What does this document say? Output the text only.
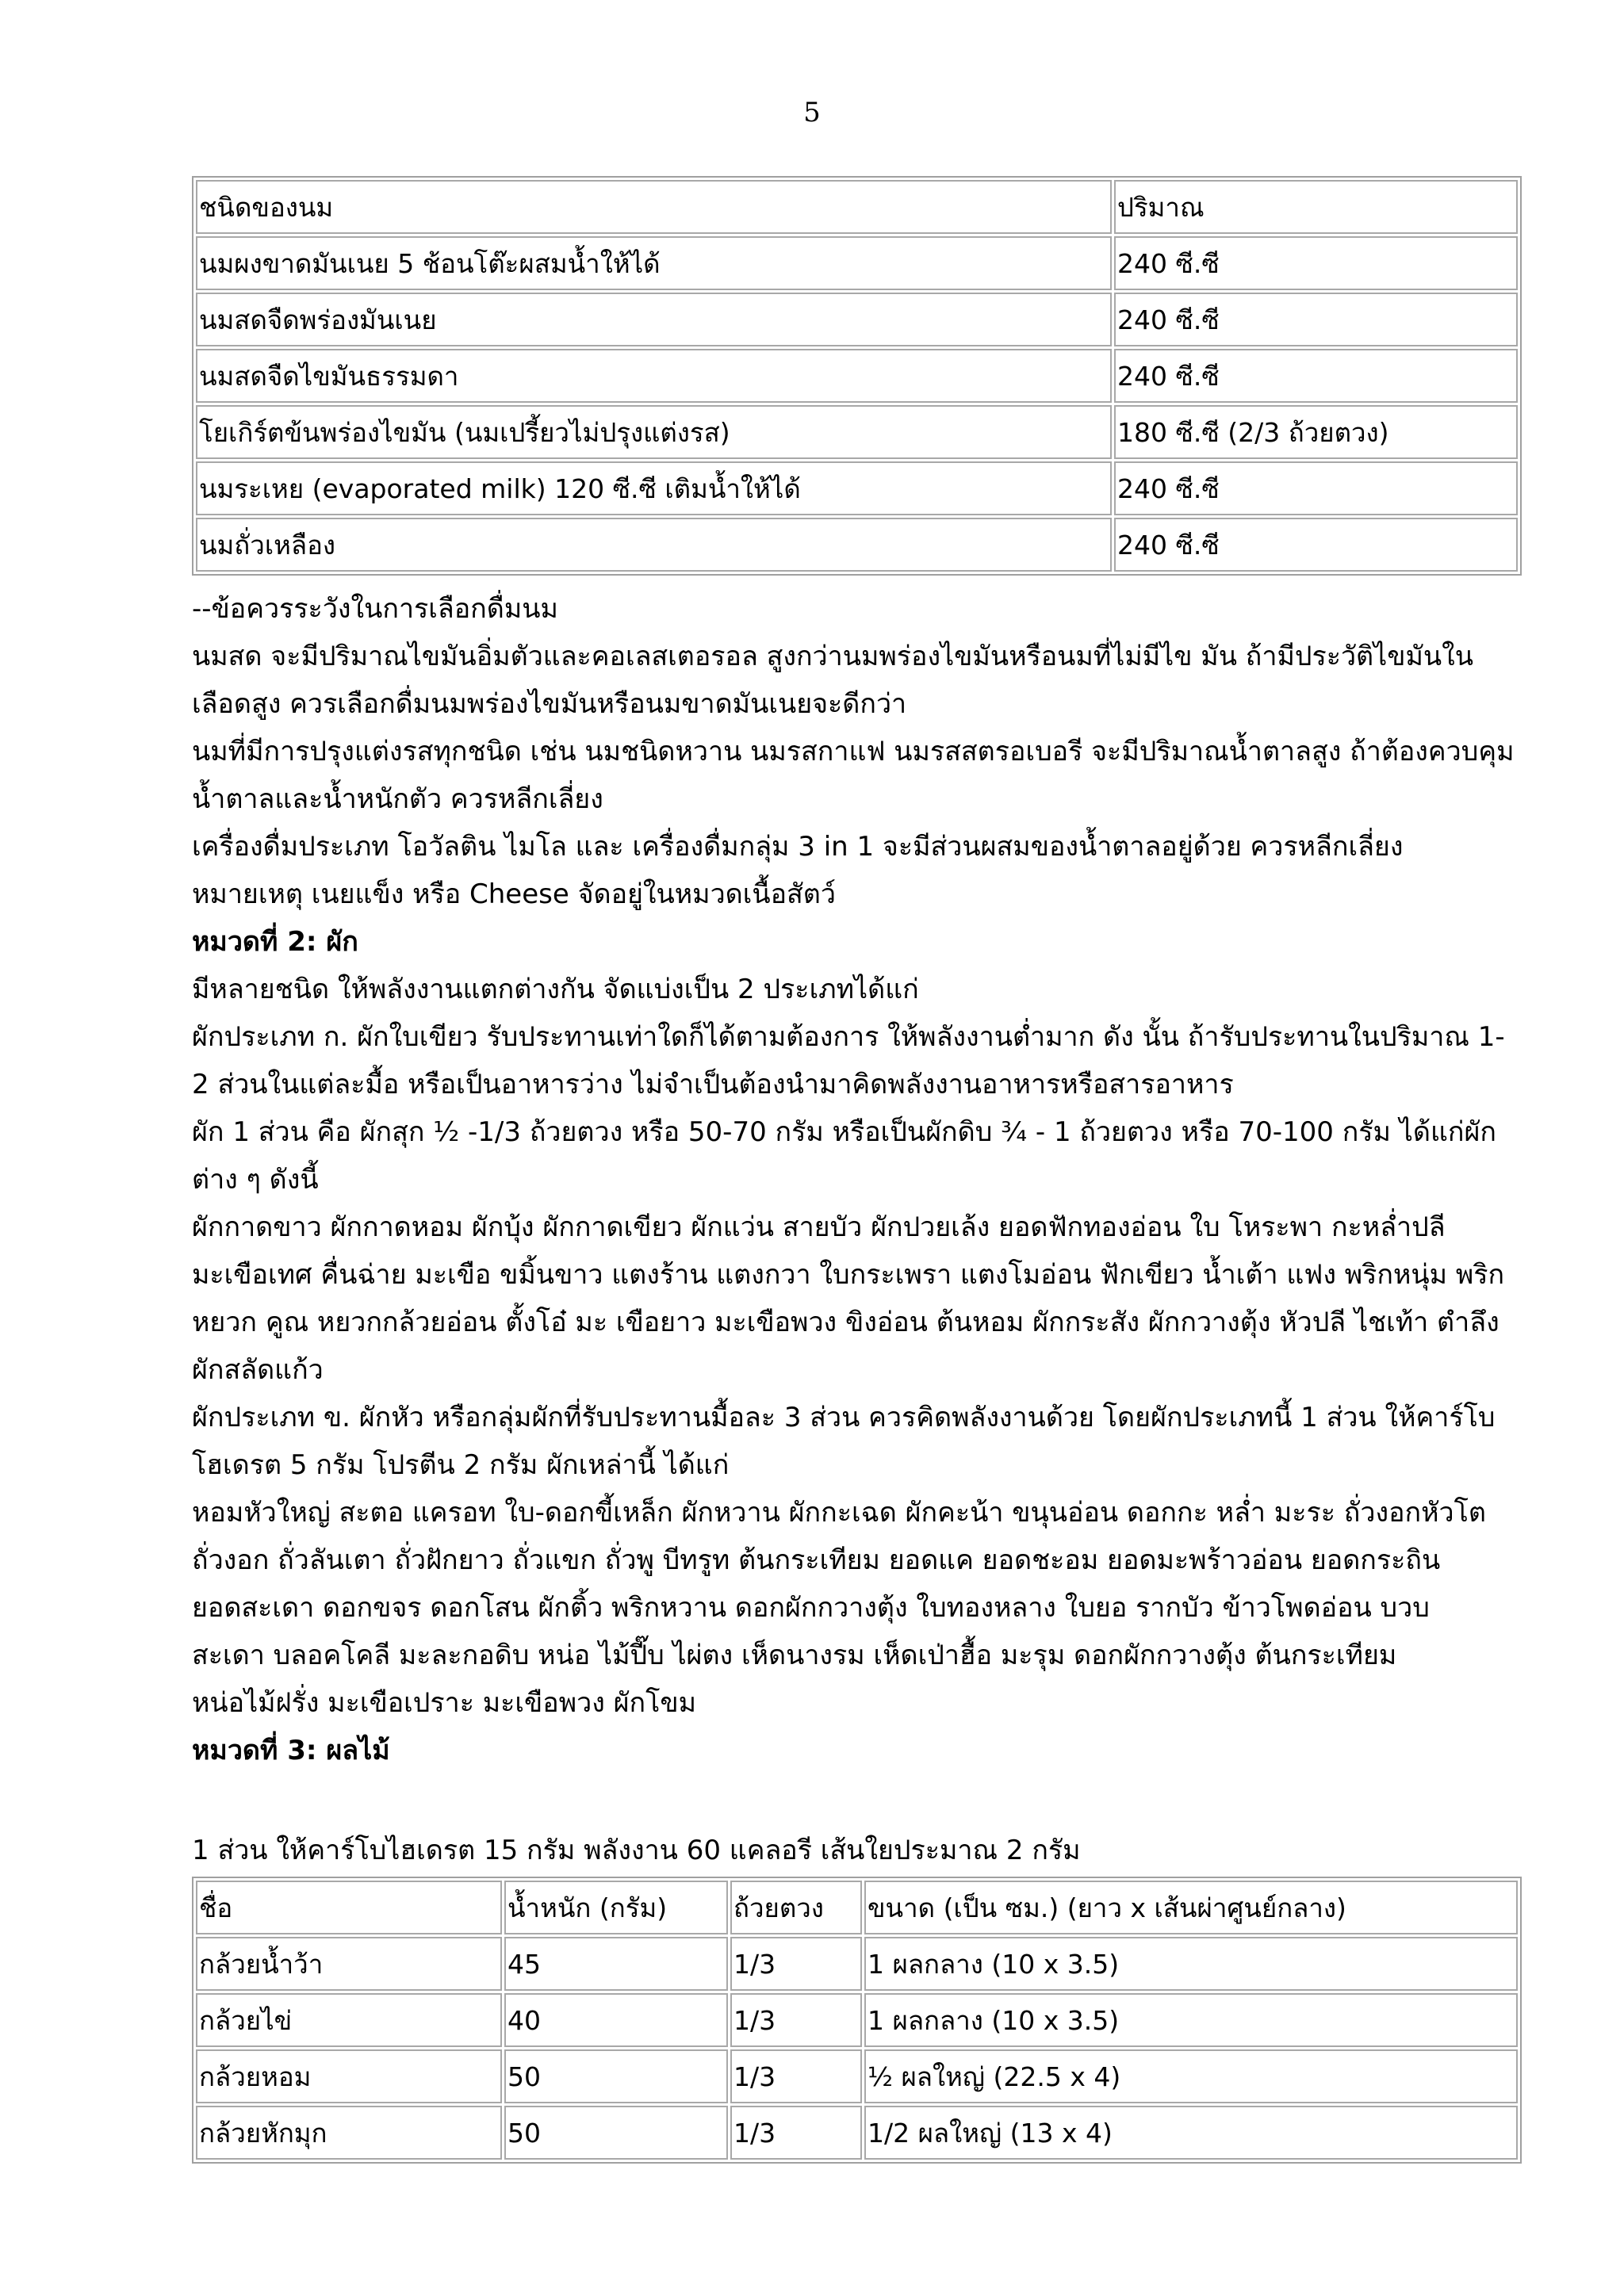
5
ชนิดของนม	ปริมาณ
นมผงขาดมันเนย 5 ช้อนโต๊ะผสมน้ำให้ได้	240 ซี.ซี
นมสดจืดพร่องมันเนย	240 ซี.ซี
นมสดจืดไขมันธรรมดา	240 ซี.ซี
โยเกิร์ตข้นพร่องไขมัน (นมเปรี้ยวไม่ปรุงแต่งรส)	180 ซี.ซี (2/3 ถ้วยตวง)
นมระเหย (evaporated milk) 120 ซี.ซี เติมน้ำให้ได้	240 ซี.ซี
นมถั่วเหลือง	240 ซี.ซี

--ข้อควรระวังในการเลือกดื่มนม

นมสด จะมีปริมาณไขมันอิ่มตัวและคอเลสเตอรอล สูงกว่านมพร่องไขมันหรือนมที่ไม่มีไข มัน ถ้ามีประวัติไขมันใน

เลือดสูง ควรเลือกดื่มนมพร่องไขมันหรือนมขาดมันเนยจะดีกว่า

นมที่มีการปรุงแต่งรสทุกชนิด เช่น นมชนิดหวาน นมรสกาแฟ นมรสสตรอเบอรี จะมีปริมาณน้ำตาลสูง ถ้าต้องควบคุม

น้ำตาลและน้ำหนักตัว ควรหลีกเลี่ยง

เครื่องดื่มประเภท โอวัลติน ไมโล และ เครื่องดื่มกลุ่ม 3 in 1 จะมีส่วนผสมของน้ำตาลอยู่ด้วย ควรหลีกเลี่ยง

หมายเหตุ เนยแข็ง หรือ Cheese จัดอยู่ในหมวดเนื้อสัตว์

หมวดที่ 2: ผัก

มีหลายชนิด ให้พลังงานแตกต่างกัน จัดแบ่งเป็น 2 ประเภทได้แก่

ผักประเภท ก. ผักใบเขียว รับประทานเท่าใดก็ได้ตามต้องการ ให้พลังงานต่ำมาก ดัง นั้น ถ้ารับประทานในปริมาณ 1-

2 ส่วนในแต่ละมื้อ หรือเป็นอาหารว่าง ไม่จำเป็นต้องนำมาคิดพลังงานอาหารหรือสารอาหาร

ผัก 1 ส่วน คือ ผักสุก ½ -1/3 ถ้วยตวง หรือ 50-70 กรัม หรือเป็นผักดิบ ¾ - 1 ถ้วยตวง หรือ 70-100 กรัม ได้แก่ผัก

ต่าง ๆ ดังนี้

ผักกาดขาว ผักกาดหอม ผักบุ้ง ผักกาดเขียว ผักแว่น สายบัว ผักปวยเล้ง ยอดฟักทองอ่อน ใบ โหระพา กะหล่ำปลี

มะเขือเทศ คื่นฉ่าย มะเขือ ขมิ้นขาว แตงร้าน แตงกวา ใบกระเพรา แตงโมอ่อน ฟักเขียว น้ำเต้า แฟง พริกหนุ่ม พริก

หยวก คูณ หยวกกล้วยอ่อน ตั้งโอ๋ มะ เขือยาว มะเขือพวง ขิงอ่อน ต้นหอม ผักกระสัง ผักกวางตุ้ง หัวปลี ไชเท้า ตำลึง

ผักสลัดแก้ว

ผักประเภท ข. ผักหัว หรือกลุ่มผักที่รับประทานมื้อละ 3 ส่วน ควรคิดพลังงานด้วย โดยผักประเภทนี้ 1 ส่วน ให้คาร์โบ

โฮเดรต 5 กรัม โปรตีน 2 กรัม ผักเหล่านี้ ได้แก่

หอมหัวใหญ่ สะตอ แครอท ใบ-ดอกขี้เหล็ก ผักหวาน ผักกะเฉด ผักคะน้า ขนุนอ่อน ดอกกะ หล่ำ มะระ ถั่วงอกหัวโต

ถั่วงอก ถั่วลันเตา ถั่วฝักยาว ถั่วแขก ถั่วพู บีทรูท ต้นกระเทียม ยอดแค ยอดชะอม ยอดมะพร้าวอ่อน ยอดกระถิน

ยอดสะเดา ดอกขจร ดอกโสน ผักติ้ว พริกหวาน ดอกผักกวางตุ้ง ใบทองหลาง ใบยอ รากบัว ข้าวโพดอ่อน บวบ

สะเดา บลอคโคลี มะละกอดิบ หน่อ ไม้ปี๊บ ไผ่ตง เห็ดนางรม เห็ดเป่าฮื้อ มะรุม ดอกผักกวางตุ้ง ต้นกระเทียม

หน่อไม้ฝรั่ง มะเขือเปราะ มะเขือพวง ผักโขม

หมวดที่ 3: ผลไม้

1 ส่วน ให้คาร์โบไฮเดรต 15 กรัม พลังงาน 60 แคลอรี เส้นใยประมาณ 2 กรัม

ชื่อ	น้ำหนัก (กรัม)	ถ้วยตวง	ขนาด (เป็น ซม.) (ยาว x เส้นผ่าศูนย์กลาง)
กล้วยน้ำว้า	45	1/3	1 ผลกลาง (10 x 3.5)
กล้วยไข่	40	1/3	1 ผลกลาง (10 x 3.5)
กล้วยหอม	50	1/3	½ ผลใหญ่ (22.5 x 4)
กล้วยหักมุก	50	1/3	1/2 ผลใหญ่ (13 x 4)
